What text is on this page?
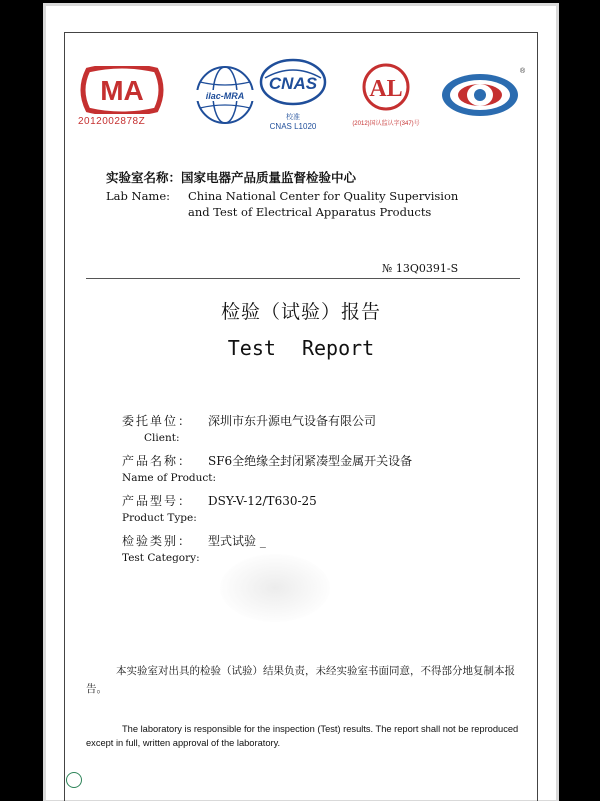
MA
2012002878Z
ilac-MRA
CNAS
校准
CNAS L1020
AL
(2012)国认监认字(347)号
®
实验室名称：国家电器产品质量监督检验中心
Lab Name: China National Center for Quality Supervision
and Test of Electrical Apparatus Products
№ 13Q0391-S
检验（试验）报告
Test Report
委托单位： 深圳市东升源电气设备有限公司
Client:
产品名称： SF6全绝缘全封闭紧凑型金属开关设备
Name of Product:
产品型号： DSY-V-12/T630-25
Product Type:
检验类别： 型式试验 _
Test Category:
本实验室对出具的检验（试验）结果负责，未经实验室书面同意，不得部分地复制本报告。
The laboratory is responsible for the inspection (Test) results. The report shall not be reproduced except in full, written approval of the laboratory.
